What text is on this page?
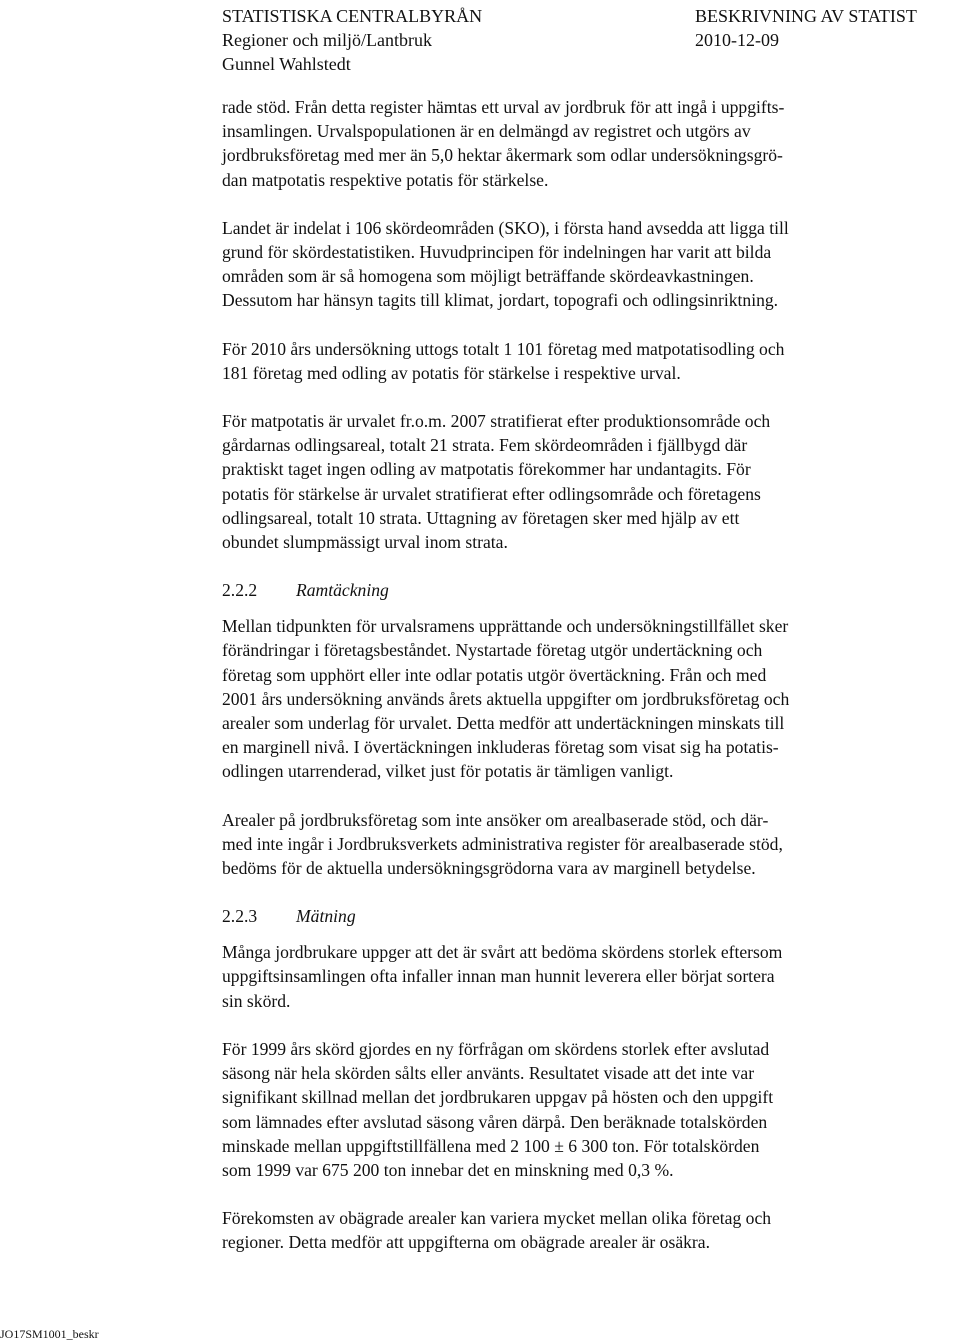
STATISTISKA CENTRALBYRÅN	BESKRIVNING AV STATIST
Regioner och miljö/Lantbruk	2010-12-09
Gunnel Wahlstedt

rade stöd. Från detta register hämtas ett urval av jordbruk för att ingå i uppgifts-
insamlingen. Urvalspopulationen är en delmängd av registret och utgörs av
jordbruksföretag med mer än 5,0 hektar åkermark som odlar undersökningsgrö-
dan matpotatis respektive potatis för stärkelse.

Landet är indelat i 106 skördeområden (SKO), i första hand avsedda att ligga till
grund för skördestatistiken. Huvudprincipen för indelningen har varit att bilda
områden som är så homogena som möjligt beträffande skördeavkastningen.
Dessutom har hänsyn tagits till klimat, jordart, topografi och odlingsinriktning.

För 2010 års undersökning uttogs totalt 1 101 företag med matpotatisodling och
181 företag med odling av potatis för stärkelse i respektive urval.

För matpotatis är urvalet fr.o.m. 2007 stratifierat efter produktionsområde och
gårdarnas odlingsareal, totalt 21 strata. Fem skördeområden i fjällbygd där
praktiskt taget ingen odling av matpotatis förekommer har undantagits. För
potatis för stärkelse är urvalet stratifierat efter odlingsområde och företagens
odlingsareal, totalt 10 strata. Uttagning av företagen sker med hjälp av ett
obundet slumpmässigt urval inom strata.

2.2.2 Ramtäckning

Mellan tidpunkten för urvalsramens upprättande och undersökningstillfället sker
förändringar i företagsbeståndet. Nystartade företag utgör undertäckning och
företag som upphört eller inte odlar potatis utgör övertäckning. Från och med
2001 års undersökning används årets aktuella uppgifter om jordbruksföretag och
arealer som underlag för urvalet. Detta medför att undertäckningen minskats till
en marginell nivå. I övertäckningen inkluderas företag som visat sig ha potatis-
odlingen utarrenderad, vilket just för potatis är tämligen vanligt.

Arealer på jordbruksföretag som inte ansöker om arealbaserade stöd, och där-
med inte ingår i Jordbruksverkets administrativa register för arealbaserade stöd,
bedöms för de aktuella undersökningsgrödorna vara av marginell betydelse.

2.2.3 Mätning

Många jordbrukare uppger att det är svårt att bedöma skördens storlek eftersom
uppgiftsinsamlingen ofta infaller innan man hunnit leverera eller börjat sortera
sin skörd.

För 1999 års skörd gjordes en ny förfrågan om skördens storlek efter avslutad
säsong när hela skörden sålts eller använts. Resultatet visade att det inte var
signifikant skillnad mellan det jordbrukaren uppgav på hösten och den uppgift
som lämnades efter avslutad säsong våren därpå. Den beräknade totalskörden
minskade mellan uppgiftstillfällena med 2 100 ± 6 300 ton. För totalskörden
som 1999 var 675 200 ton innebar det en minskning med 0,3 %.

Förekomsten av obägrade arealer kan variera mycket mellan olika företag och
regioner. Detta medför att uppgifterna om obägrade arealer är osäkra.

JO17SM1001_beskr
